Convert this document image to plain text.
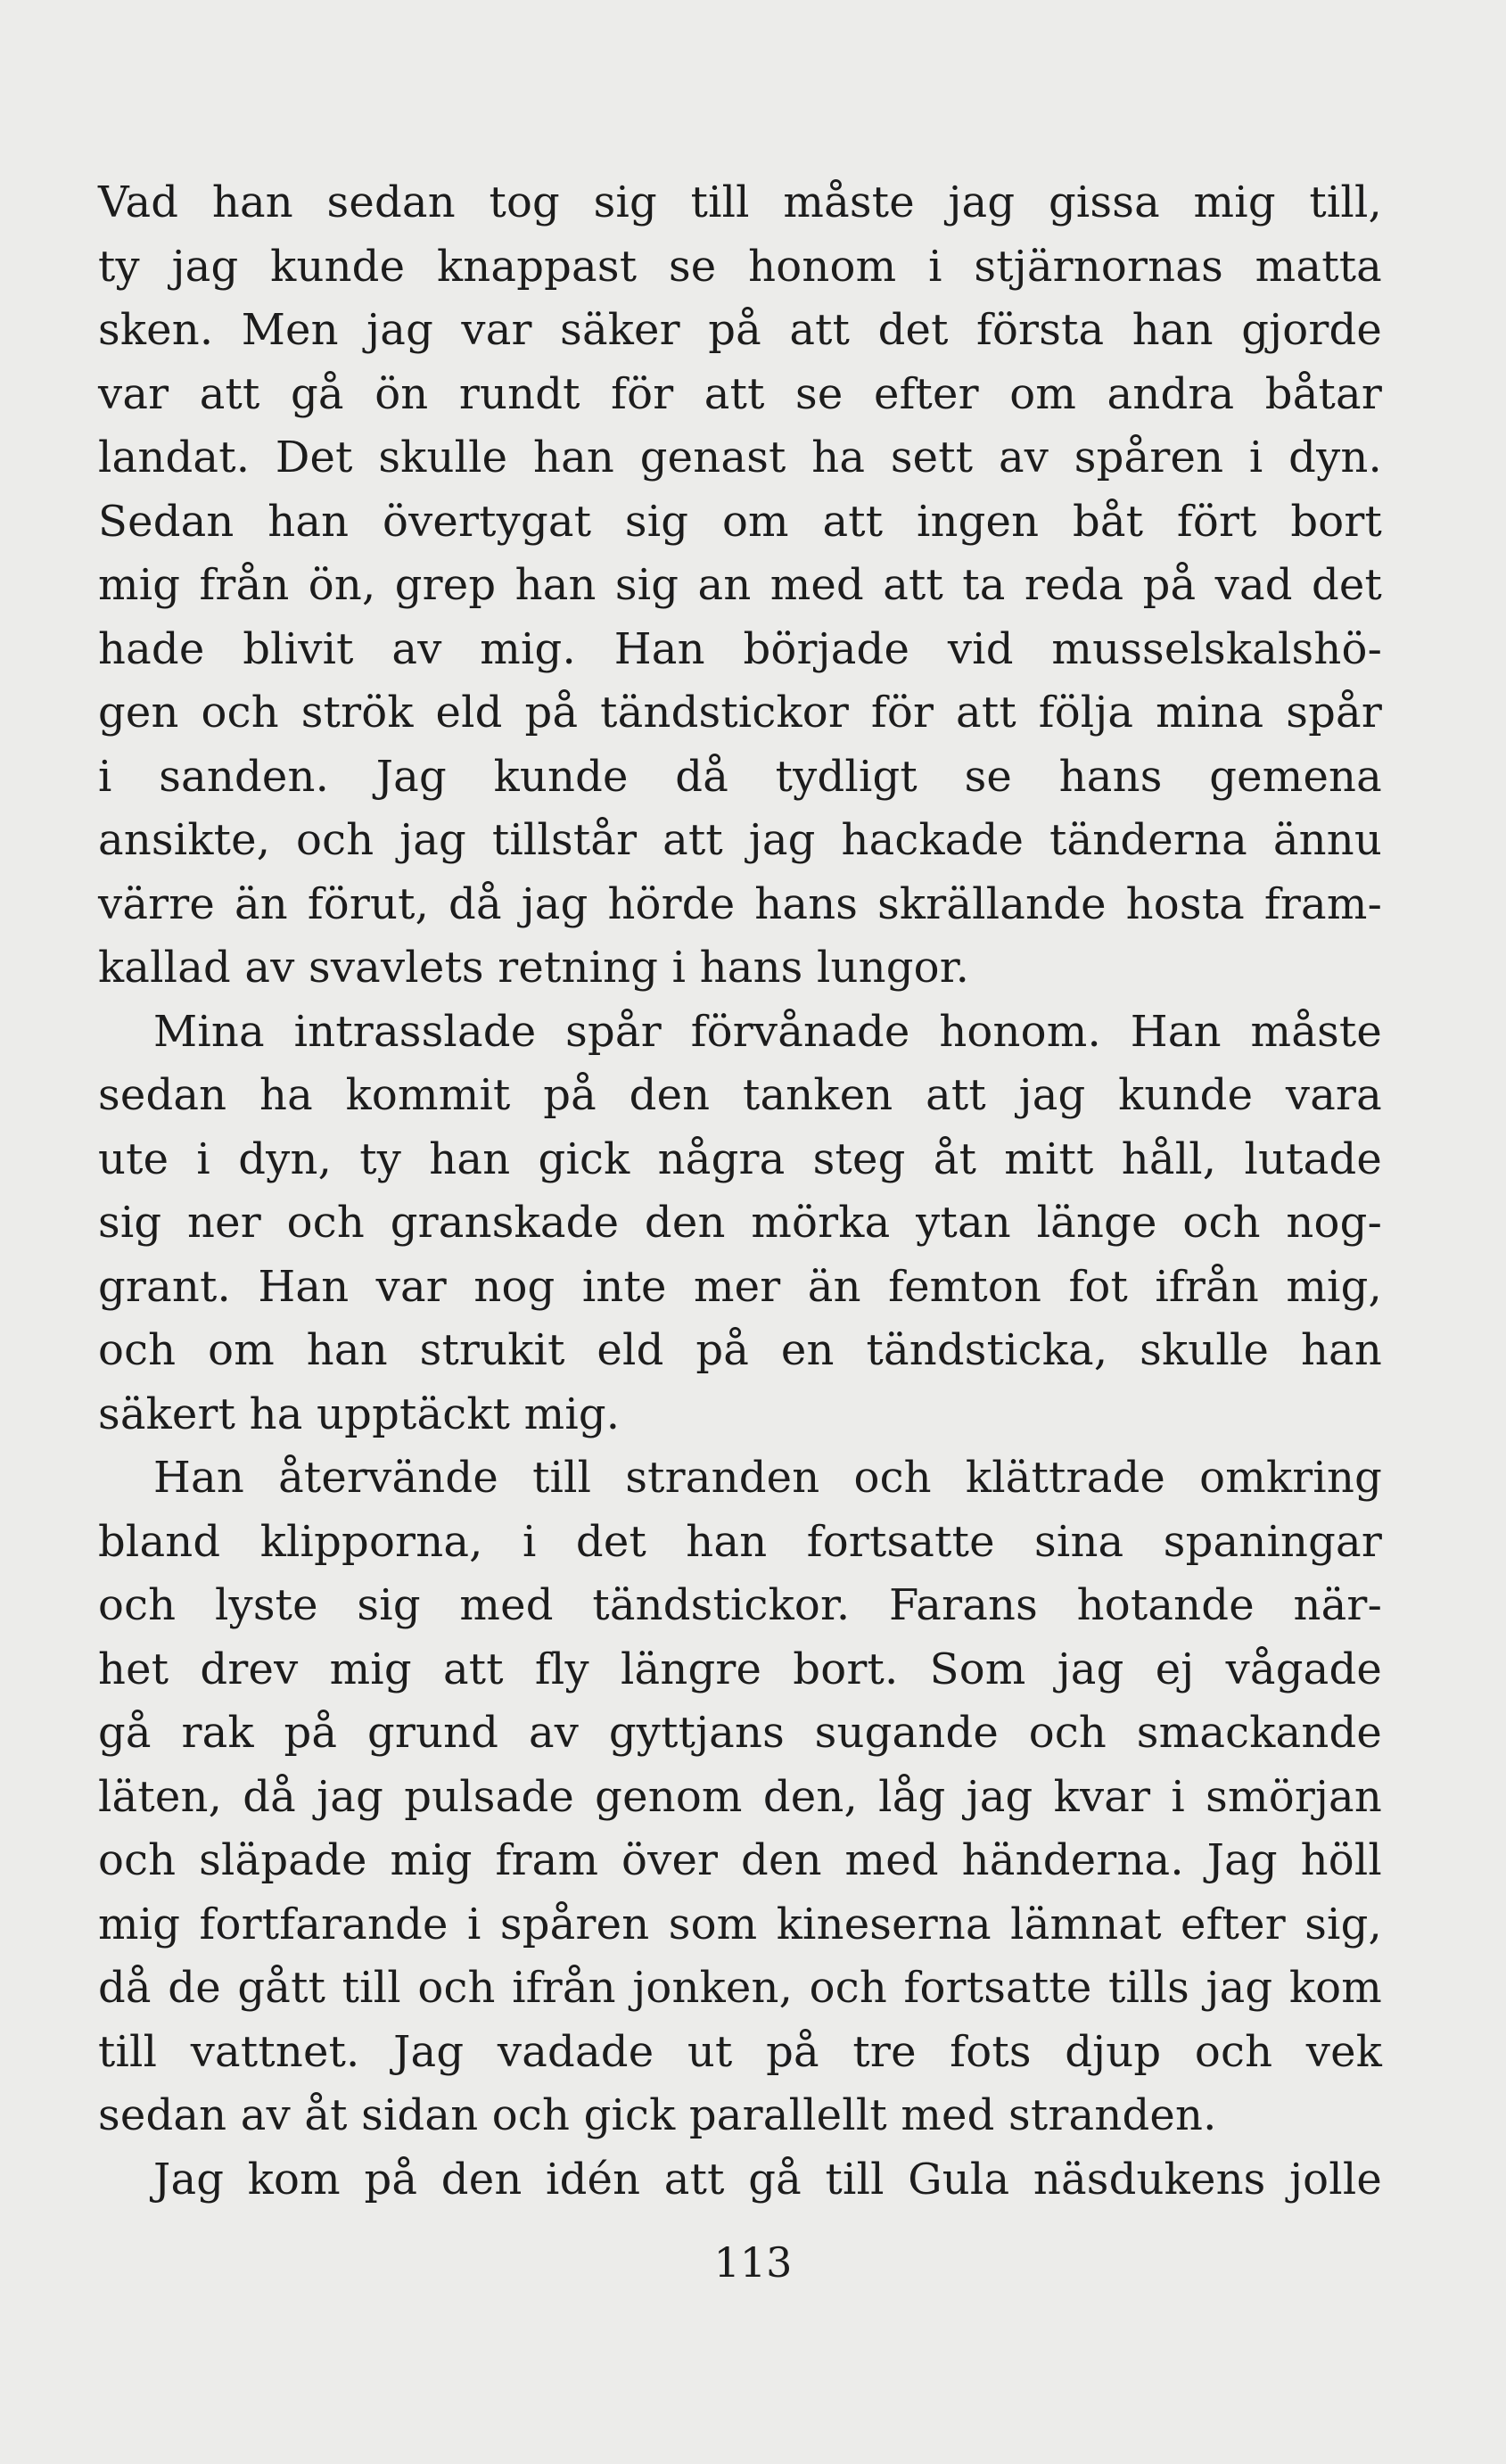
Vad han sedan tog sig till måste jag gissa mig till,
ty jag kunde knappast se honom i stjärnornas matta
sken. Men jag var säker på att det första han gjorde
var att gå ön rundt för att se efter om andra båtar
landat. Det skulle han genast ha sett av spåren i dyn.
Sedan han övertygat sig om att ingen båt fört bort
mig från ön, grep han sig an med att ta reda på vad det
hade blivit av mig. Han började vid musselskalshö-
gen och strök eld på tändstickor för att följa mina spår
i sanden. Jag kunde då tydligt se hans gemena
ansikte, och jag tillstår att jag hackade tänderna ännu
värre än förut, då jag hörde hans skrällande hosta fram-
kallad av svavlets retning i hans lungor.
Mina intrasslade spår förvånade honom. Han måste
sedan ha kommit på den tanken att jag kunde vara
ute i dyn, ty han gick några steg åt mitt håll, lutade
sig ner och granskade den mörka ytan länge och nog-
grant. Han var nog inte mer än femton fot ifrån mig,
och om han strukit eld på en tändsticka, skulle han
säkert ha upptäckt mig.
Han återvände till stranden och klättrade omkring
bland klipporna, i det han fortsatte sina spaningar
och lyste sig med tändstickor. Farans hotande när-
het drev mig att fly längre bort. Som jag ej vågade
gå rak på grund av gyttjans sugande och smackande
läten, då jag pulsade genom den, låg jag kvar i smörjan
och släpade mig fram över den med händerna. Jag höll
mig fortfarande i spåren som kineserna lämnat efter sig,
då de gått till och ifrån jonken, och fortsatte tills jag kom
till vattnet. Jag vadade ut på tre fots djup och vek
sedan av åt sidan och gick parallellt med stranden.
Jag kom på den idén att gå till Gula näsdukens jolle
113
